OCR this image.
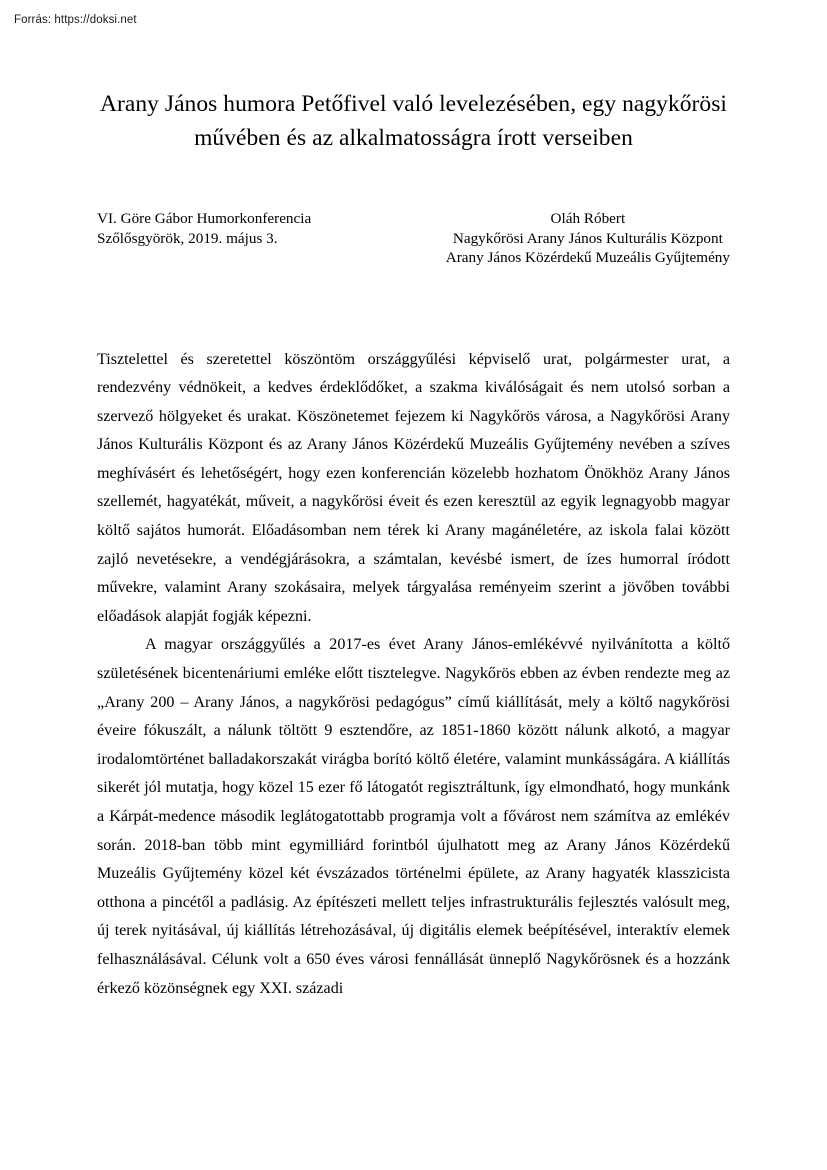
Forrás: https://doksi.net
Arany János humora Petőfivel való levelezésében, egy nagykőrösi művében és az alkalmatosságra írott verseiben
VI. Göre Gábor Humorkonferencia
Szőlősgyörök, 2019. május 3.
Oláh Róbert
Nagykőrösi Arany János Kulturális Központ
Arany János Közérdekű Muzeális Gyűjtemény

Tisztelettel és szeretettel köszöntöm országgyűlési képviselő urat, polgármester urat, a rendezvény védnökeit, a kedves érdeklődőket, a szakma kiválóságait és nem utolsó sorban a szervező hölgyeket és urakat. Köszönetemet fejezem ki Nagykőrös városa, a Nagykőrösi Arany János Kulturális Központ és az Arany János Közérdekű Muzeális Gyűjtemény nevében a szíves meghívásért és lehetőségért, hogy ezen konferencián közelebb hozhatom Önökhöz Arany János szellemét, hagyatékát, műveit, a nagykőrösi éveit és ezen keresztül az egyik legnagyobb magyar költő sajátos humorát. Előadásomban nem térek ki Arany magánéletére, az iskola falai között zajló nevetésekre, a vendégjárásokra, a számtalan, kevésbé ismert, de ízes humorral íródott művekre, valamint Arany szokásaira, melyek tárgyalása reményeim szerint a jövőben további előadások alapját fogják képezni.

A magyar országgyűlés a 2017-es évet Arany János-emlékévvé nyilvánította a költő születésének bicentenáriumi emléke előtt tisztelegve. Nagykőrös ebben az évben rendezte meg az „Arany 200 – Arany János, a nagykőrösi pedagógus” című kiállítását, mely a költő nagykőrösi éveire fókuszált, a nálunk töltött 9 esztendőre, az 1851-1860 között nálunk alkotó, a magyar irodalomtörténet balladakorszakát virágba borító költő életére, valamint munkásságára. A kiállítás sikerét jól mutatja, hogy közel 15 ezer fő látogatót regisztráltunk, így elmondható, hogy munkánk a Kárpát-medence második leglátogatottabb programja volt a fővárost nem számítva az emlékév során. 2018-ban több mint egymilliárd forintból újulhatott meg az Arany János Közérdekű Muzeális Gyűjtemény közel két évszázados történelmi épülete, az Arany hagyaték klasszicista otthona a pincétől a padlásig. Az építészeti mellett teljes infrastrukturális fejlesztés valósult meg, új terek nyitásával, új kiállítás létrehozásával, új digitális elemek beépítésével, interaktív elemek felhasználásával. Célunk volt a 650 éves városi fennállását ünneplő Nagykőrösnek és a hozzánk érkező közönségnek egy XXI. századi
